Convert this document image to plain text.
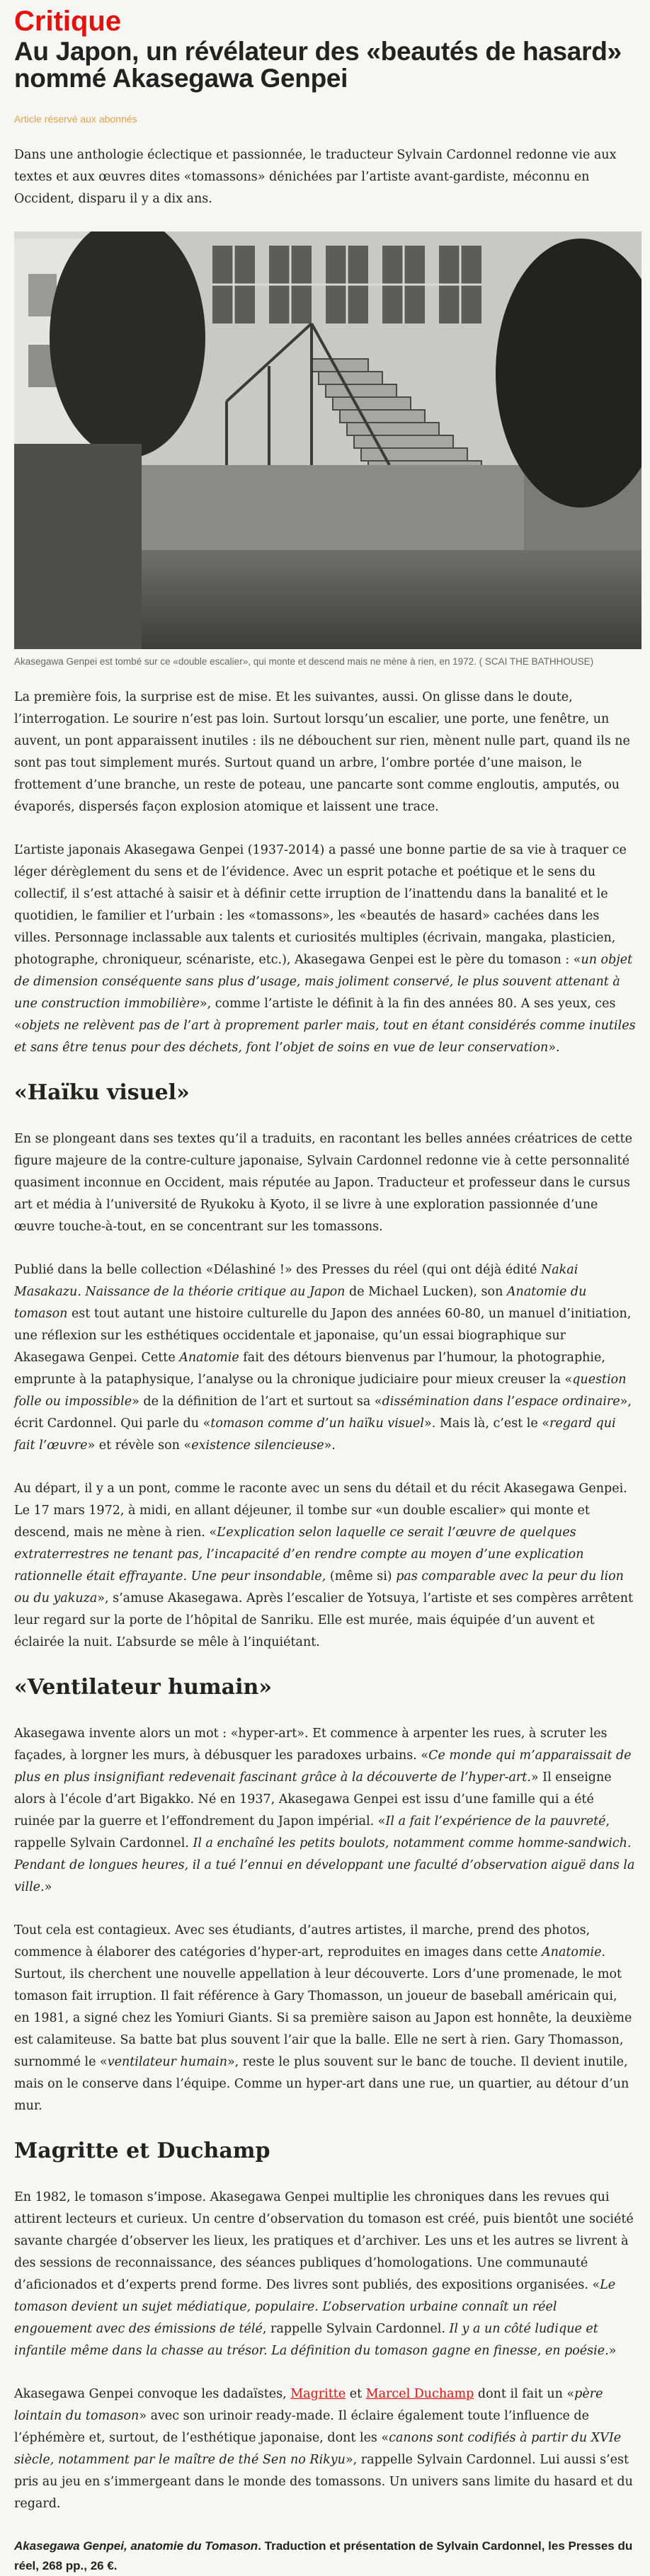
Critique
Au Japon, un révélateur des «beautés de hasard» nommé Akasegawa Genpei
Article réservé aux abonnés

Dans une anthologie éclectique et passionnée, le traducteur Sylvain Cardonnel redonne vie aux textes et aux œuvres dites «tomassons» dénichées par l’artiste avant-gardiste, méconnu en Occident, disparu il y a dix ans.

Akasegawa Genpei est tombé sur ce «double escalier», qui monte et descend mais ne mène à rien, en 1972. ( SCAI THE BATHHOUSE)

La première fois, la surprise est de mise. Et les suivantes, aussi. On glisse dans le doute, l’interrogation. Le sourire n’est pas loin. Surtout lorsqu’un escalier, une porte, une fenêtre, un auvent, un pont apparaissent inutiles : ils ne débouchent sur rien, mènent nulle part, quand ils ne sont pas tout simplement murés. Surtout quand un arbre, l’ombre portée d’une maison, le frottement d’une branche, un reste de poteau, une pancarte sont comme engloutis, amputés, ou évaporés, dispersés façon explosion atomique et laissent une trace.

L’artiste japonais Akasegawa Genpei (1937-2014) a passé une bonne partie de sa vie à traquer ce léger dérèglement du sens et de l’évidence. Avec un esprit potache et poétique et le sens du collectif, il s’est attaché à saisir et à définir cette irruption de l’inattendu dans la banalité et le quotidien, le familier et l’urbain : les «tomassons», les «beautés de hasard» cachées dans les villes. Personnage inclassable aux talents et curiosités multiples (écrivain, mangaka, plasticien, photographe, chroniqueur, scénariste, etc.), Akasegawa Genpei est le père du tomason : «un objet de dimension conséquente sans plus d’usage, mais joliment conservé, le plus souvent attenant à une construction immobilière», comme l’artiste le définit à la fin des années 80. A ses yeux, ces «objets ne relèvent pas de l’art à proprement parler mais, tout en étant considérés comme inutiles et sans être tenus pour des déchets, font l’objet de soins en vue de leur conservation».

«Haïku visuel»

En se plongeant dans ses textes qu’il a traduits, en racontant les belles années créatrices de cette figure majeure de la contre-culture japonaise, Sylvain Cardonnel redonne vie à cette personnalité quasiment inconnue en Occident, mais réputée au Japon. Traducteur et professeur dans le cursus art et média à l’université de Ryukoku à Kyoto, il se livre à une exploration passionnée d’une œuvre touche-à-tout, en se concentrant sur les tomassons.

Publié dans la belle collection «Délashiné !» des Presses du réel (qui ont déjà édité Nakai Masakazu. Naissance de la théorie critique au Japon de Michael Lucken), son Anatomie du tomason est tout autant une histoire culturelle du Japon des années 60-80, un manuel d’initiation, une réflexion sur les esthétiques occidentale et japonaise, qu’un essai biographique sur Akasegawa Genpei. Cette Anatomie fait des détours bienvenus par l’humour, la photographie, emprunte à la pataphysique, l’analyse ou la chronique judiciaire pour mieux creuser la «question folle ou impossible» de la définition de l’art et surtout sa «dissémination dans l’espace ordinaire», écrit Cardonnel. Qui parle du «tomason comme d’un haïku visuel». Mais là, c’est le «regard qui fait l’œuvre» et révèle son «existence silencieuse».

Au départ, il y a un pont, comme le raconte avec un sens du détail et du récit Akasegawa Genpei. Le 17 mars 1972, à midi, en allant déjeuner, il tombe sur «un double escalier» qui monte et descend, mais ne mène à rien. «L’explication selon laquelle ce serait l’œuvre de quelques extraterrestres ne tenant pas, l’incapacité d’en rendre compte au moyen d’une explication rationnelle était effrayante. Une peur insondable, (même si) pas comparable avec la peur du lion ou du yakuza», s’amuse Akasegawa. Après l’escalier de Yotsuya, l’artiste et ses compères arrêtent leur regard sur la porte de l’hôpital de Sanriku. Elle est murée, mais équipée d’un auvent et éclairée la nuit. L’absurde se mêle à l’inquiétant.

«Ventilateur humain»

Akasegawa invente alors un mot : «hyper-art». Et commence à arpenter les rues, à scruter les façades, à lorgner les murs, à débusquer les paradoxes urbains. «Ce monde qui m’apparaissait de plus en plus insignifiant redevenait fascinant grâce à la découverte de l’hyper-art.» Il enseigne alors à l’école d’art Bigakko. Né en 1937, Akasegawa Genpei est issu d’une famille qui a été ruinée par la guerre et l’effondrement du Japon impérial. «Il a fait l’expérience de la pauvreté, rappelle Sylvain Cardonnel. Il a enchaîné les petits boulots, notamment comme homme-sandwich. Pendant de longues heures, il a tué l’ennui en développant une faculté d’observation aiguë dans la ville.»

Tout cela est contagieux. Avec ses étudiants, d’autres artistes, il marche, prend des photos, commence à élaborer des catégories d’hyper-art, reproduites en images dans cette Anatomie. Surtout, ils cherchent une nouvelle appellation à leur découverte. Lors d’une promenade, le mot tomason fait irruption. Il fait référence à Gary Thomasson, un joueur de baseball américain qui, en 1981, a signé chez les Yomiuri Giants. Si sa première saison au Japon est honnête, la deuxième est calamiteuse. Sa batte bat plus souvent l’air que la balle. Elle ne sert à rien. Gary Thomasson, surnommé le «ventilateur humain», reste le plus souvent sur le banc de touche. Il devient inutile, mais on le conserve dans l’équipe. Comme un hyper-art dans une rue, un quartier, au détour d’un mur.

Magritte et Duchamp

En 1982, le tomason s’impose. Akasegawa Genpei multiplie les chroniques dans les revues qui attirent lecteurs et curieux. Un centre d’observation du tomason est créé, puis bientôt une société savante chargée d’observer les lieux, les pratiques et d’archiver. Les uns et les autres se livrent à des sessions de reconnaissance, des séances publiques d’homologations. Une communauté d’aficionados et d’experts prend forme. Des livres sont publiés, des expositions organisées. «Le tomason devient un sujet médiatique, populaire. L’observation urbaine connaît un réel engouement avec des émissions de télé, rappelle Sylvain Cardonnel. Il y a un côté ludique et infantile même dans la chasse au trésor. La définition du tomason gagne en finesse, en poésie.»

Akasegawa Genpei convoque les dadaïstes, Magritte et Marcel Duchamp dont il fait un «père lointain du tomason» avec son urinoir ready-made. Il éclaire également toute l’influence de l’éphémère et, surtout, de l’esthétique japonaise, dont les «canons sont codifiés à partir du XVIe siècle, notamment par le maître de thé Sen no Rikyu», rappelle Sylvain Cardonnel. Lui aussi s’est pris au jeu en s’immergeant dans le monde des tomassons. Un univers sans limite du hasard et du regard.

Akasegawa Genpei, anatomie du Tomason. Traduction et présentation de Sylvain Cardonnel, les Presses du réel, 268 pp., 26 €.
